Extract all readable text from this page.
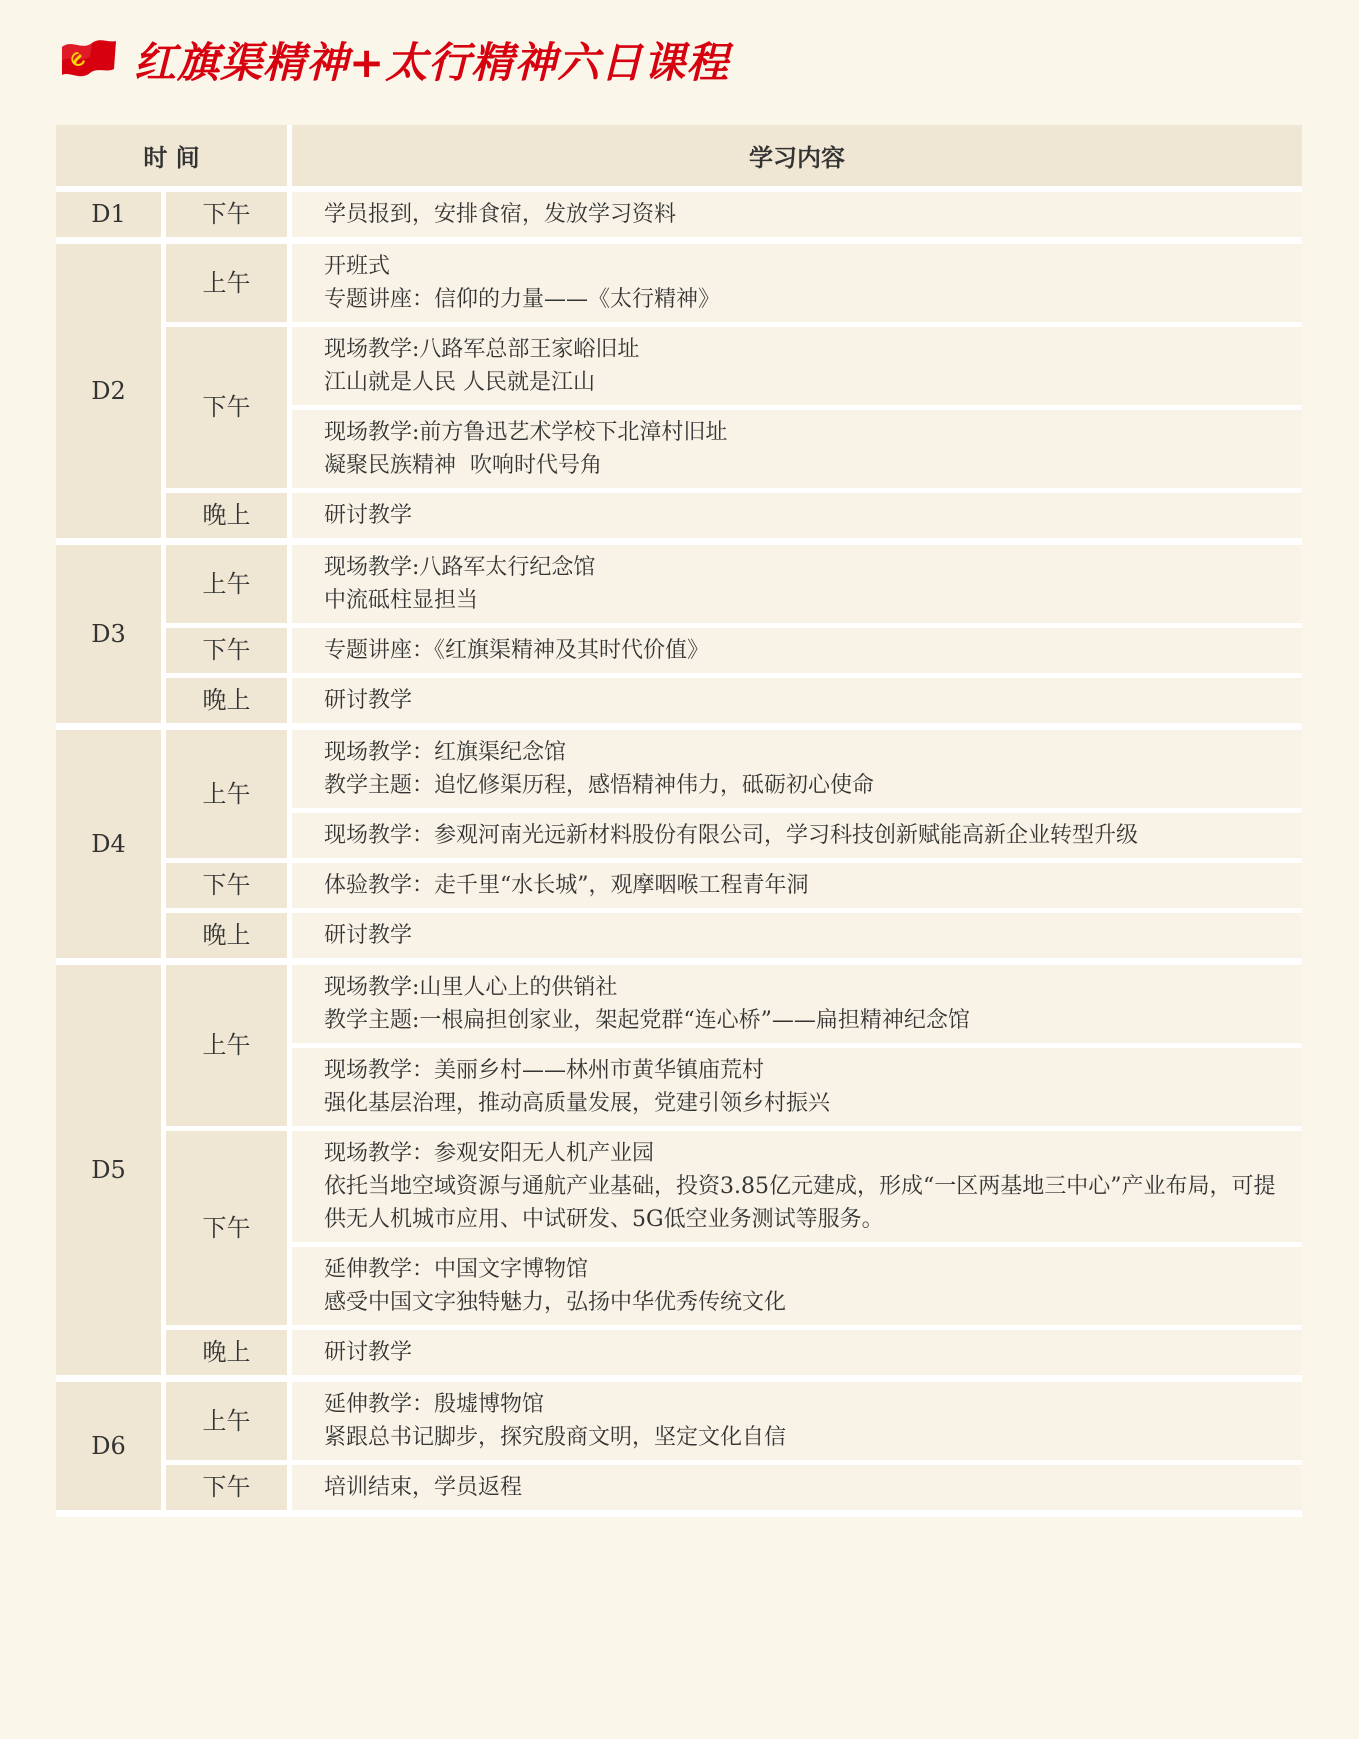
红旗渠精神+太行精神六日课程
时 间		学习内容
D1	下午	学员报到，安排食宿，发放学习资料

D2	上午	开班式
专题讲座：信仰的力量——《太行精神》

	下午	现场教学:八路军总部王家峪旧址
江山就是人民 人民就是江山

		现场教学:前方鲁迅艺术学校下北漳村旧址
凝聚民族精神  吹响时代号角

	晚上	研讨教学

D3	上午	现场教学:八路军太行纪念馆
中流砥柱显担当

	下午	专题讲座：《红旗渠精神及其时代价值》

	晚上	研讨教学

D4	上午	现场教学：红旗渠纪念馆
教学主题：追忆修渠历程，感悟精神伟力，砥砺初心使命

		现场教学：参观河南光远新材料股份有限公司，学习科技创新赋能高新企业转型升级

	下午	体验教学：走千里“水长城”，观摩咽喉工程青年洞

	晚上	研讨教学

D5	上午	现场教学:山里人心上的供销社
教学主题:一根扁担创家业，架起党群“连心桥”——扁担精神纪念馆

		现场教学：美丽乡村——林州市黄华镇庙荒村
强化基层治理，推动高质量发展，党建引领乡村振兴

	下午	现场教学：参观安阳无人机产业园
依托当地空域资源与通航产业基础，投资3.85亿元建成，形成“一区两基地三中心”产业布局，可提供无人机城市应用、中试研发、5G低空业务测试等服务。

		延伸教学：中国文字博物馆
感受中国文字独特魅力，弘扬中华优秀传统文化

	晚上	研讨教学

D6	上午	延伸教学：殷墟博物馆
紧跟总书记脚步，探究殷商文明，坚定文化自信

	下午	培训结束，学员返程
